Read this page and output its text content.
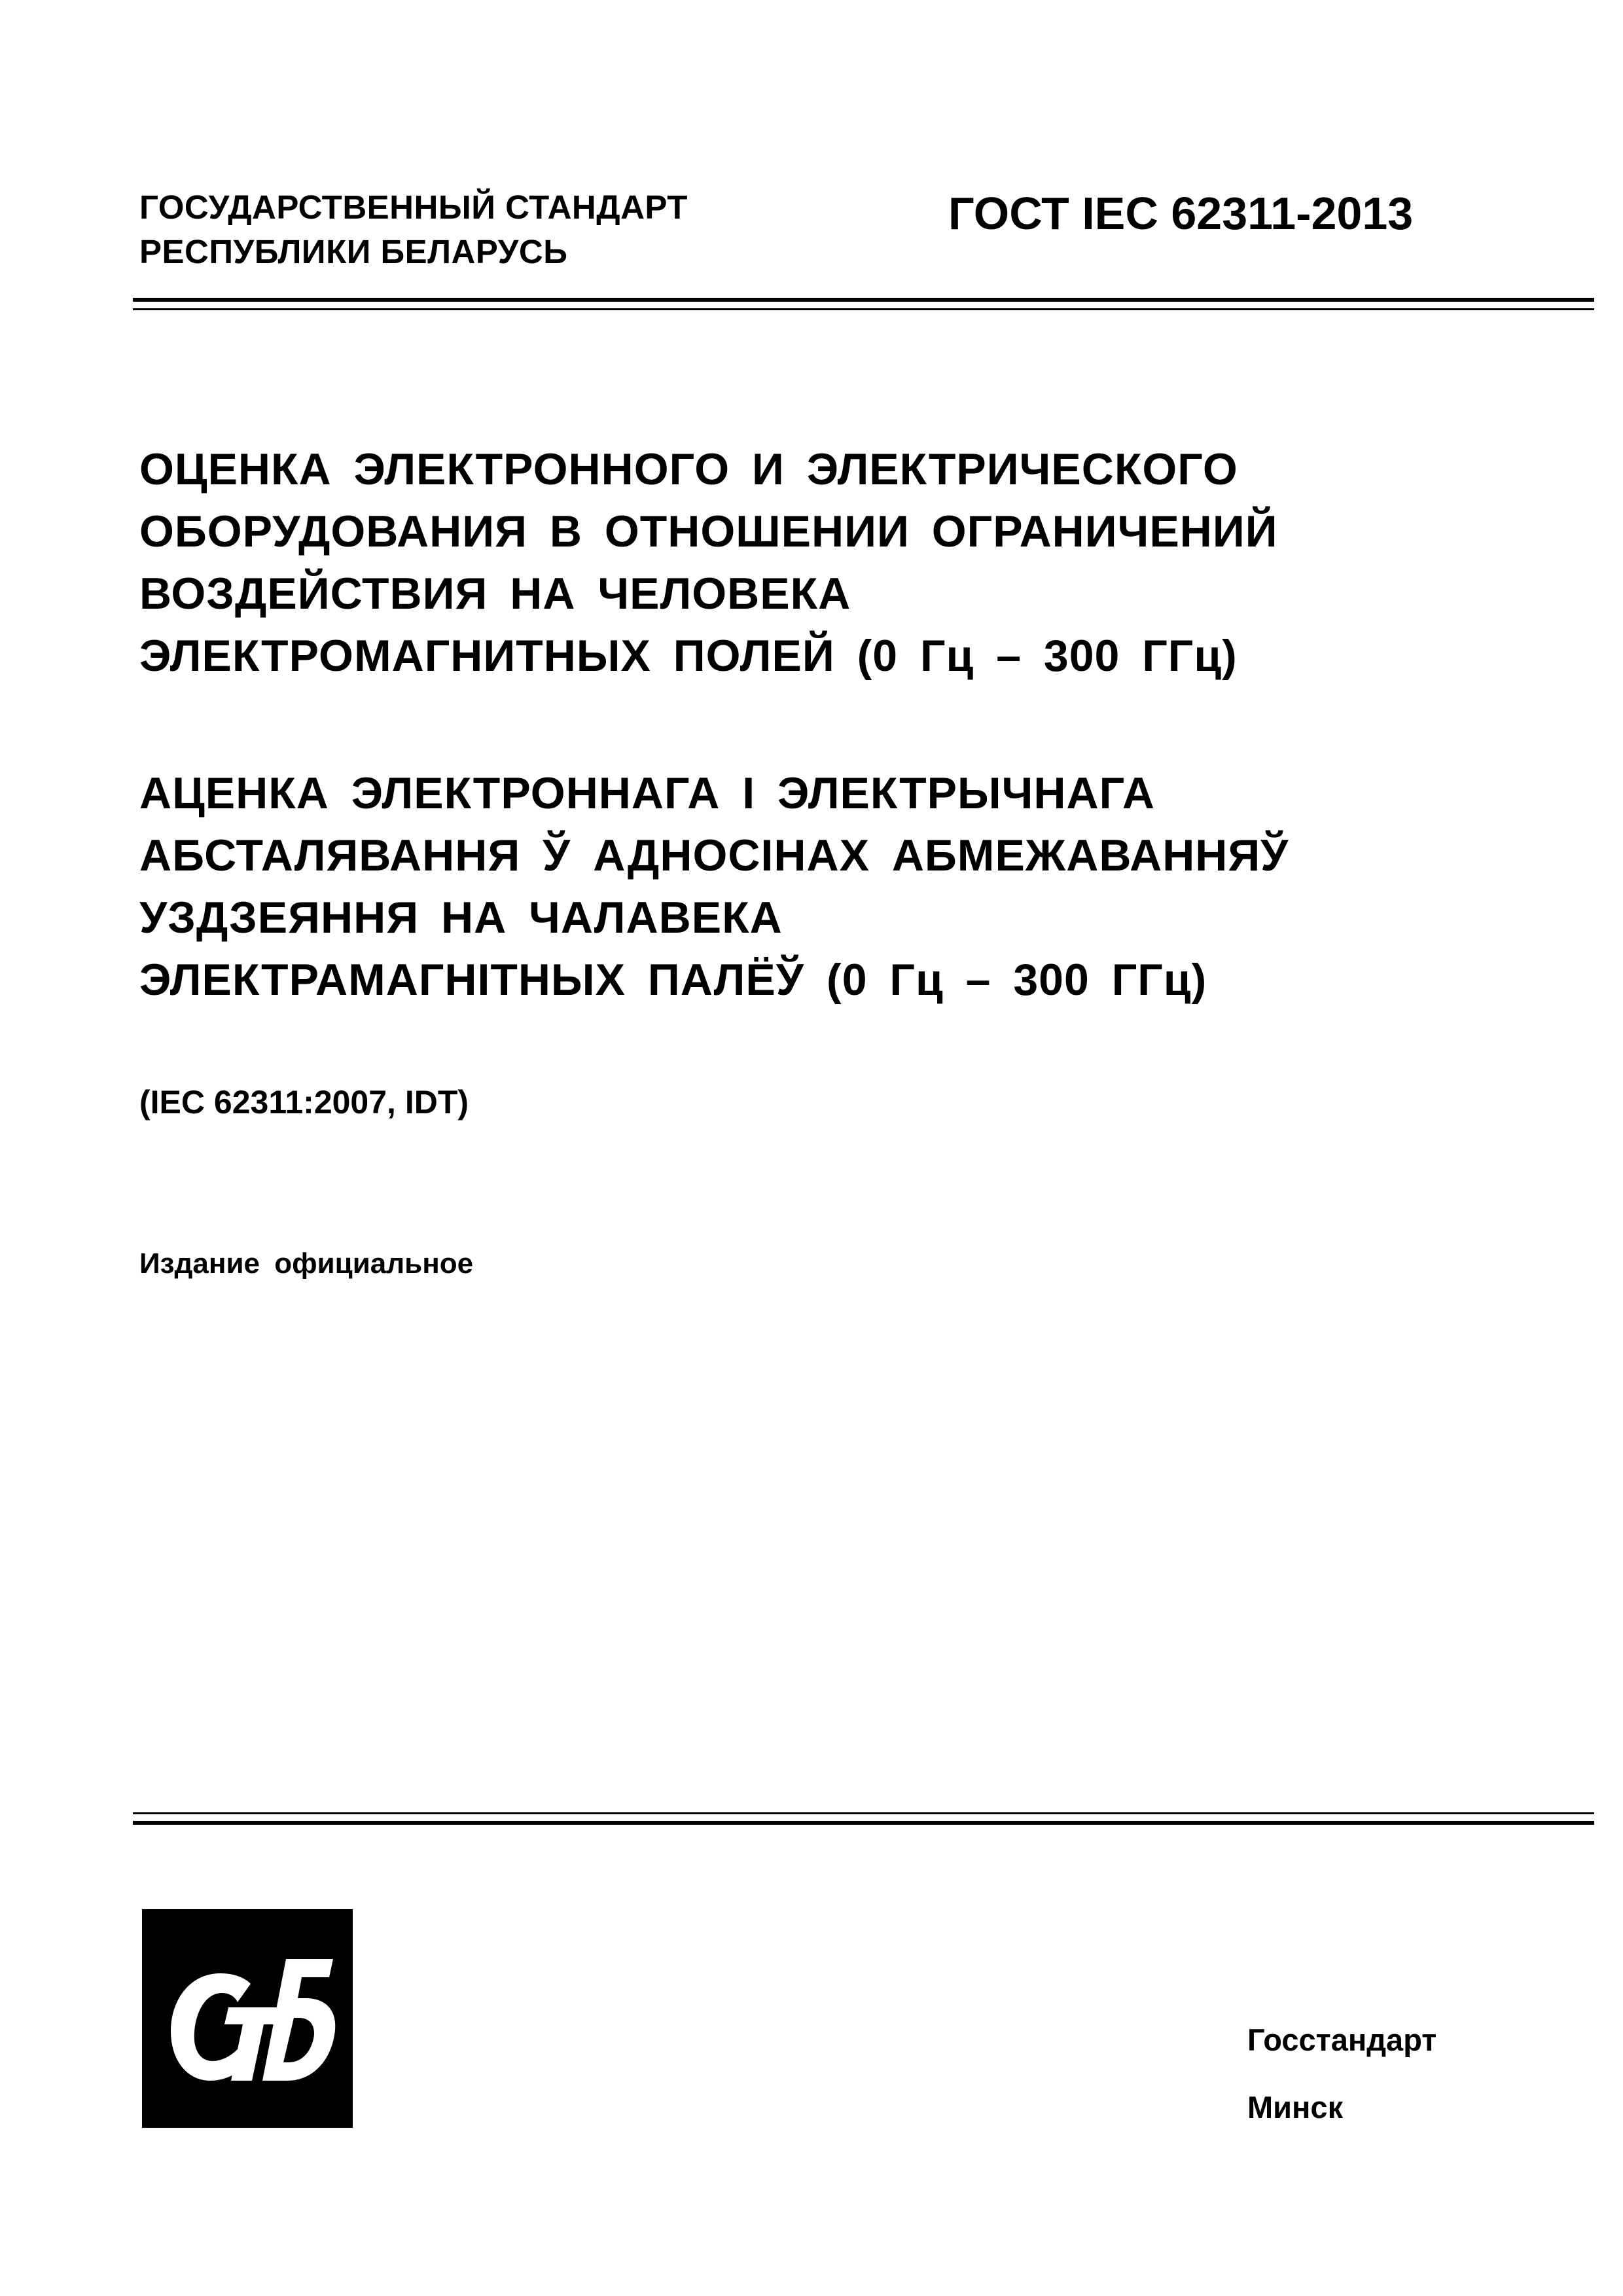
ГОСУДАРСТВЕННЫЙ СТАНДАРТ
РЕСПУБЛИКИ БЕЛАРУСЬ
ГОСТ IEC 62311-2013
ОЦЕНКА ЭЛЕКТРОННОГО И ЭЛЕКТРИЧЕСКОГО
ОБОРУДОВАНИЯ В ОТНОШЕНИИ ОГРАНИЧЕНИЙ
ВОЗДЕЙСТВИЯ НА ЧЕЛОВЕКА
ЭЛЕКТРОМАГНИТНЫХ ПОЛЕЙ (0 Гц – 300 ГГц)
АЦЕНКА ЭЛЕКТРОННАГА І ЭЛЕКТРЫЧНАГА
АБСТАЛЯВАННЯ Ў АДНОСІНАХ АБМЕЖАВАННЯЎ
УЗДЗЕЯННЯ НА ЧАЛАВЕКА
ЭЛЕКТРАМАГНІТНЫХ ПАЛЁЎ (0 Гц – 300 ГГц)
(IEC 62311:2007, IDT)
Издание официальное
Госстандарт
Минск
